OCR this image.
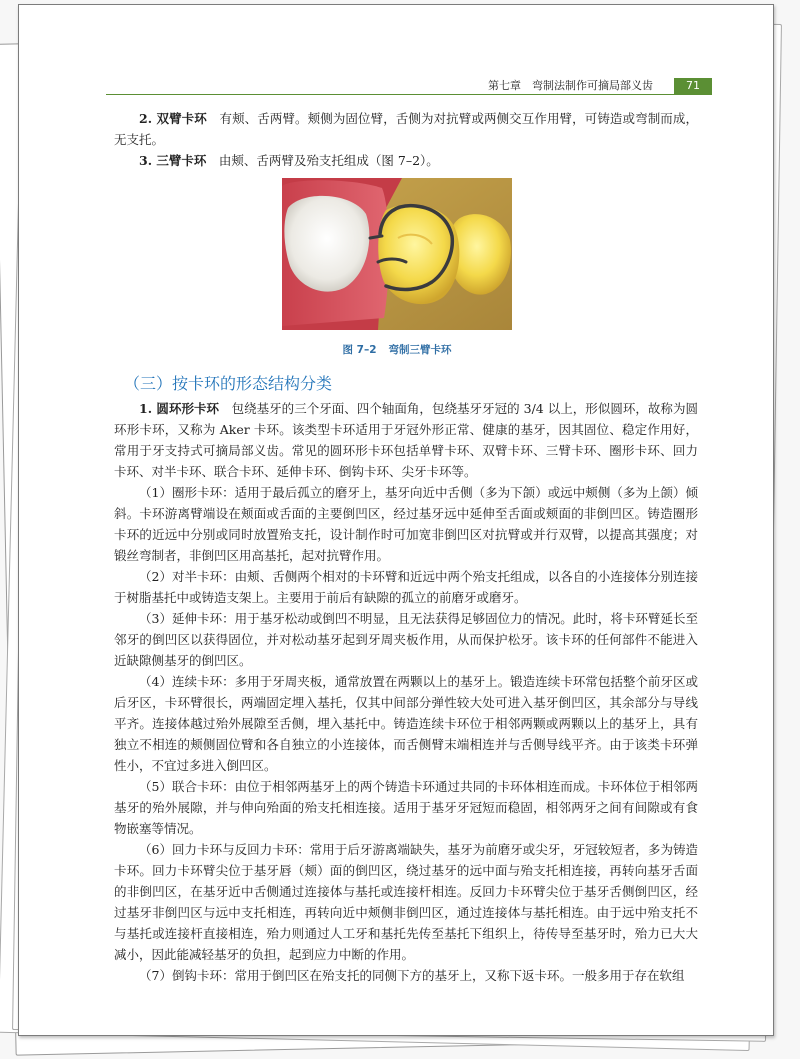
第七章　弯制法制作可摘局部义齿	71

2. 双臂卡环　 有颊、舌两臂。颊侧为固位臂，舌侧为对抗臂或两侧交互作用臂，可铸造或弯制而成，无支托。

3. 三臂卡环　 由颊、舌两臂及殆支托组成（图 7–2）。

图 7–2 弯制三臂卡环
（三）按卡环的形态结构分类

1. 圆环形卡环　 包绕基牙的三个牙面、四个轴面角，包绕基牙牙冠的 3/4 以上，形似圆环，故称为圆环形卡环，又称为 Aker 卡环。该类型卡环适用于牙冠外形正常、健康的基牙，因其固位、稳定作用好，常用于牙支持式可摘局部义齿。常见的圆环形卡环包括单臂卡环、双臂卡环、三臂卡环、圈形卡环、回力卡环、对半卡环、联合卡环、延伸卡环、倒钩卡环、尖牙卡环等。

（1）圈形卡环：适用于最后孤立的磨牙上，基牙向近中舌侧（多为下颌）或远中颊侧（多为上颌）倾斜。卡环游离臂端设在颊面或舌面的主要倒凹区，经过基牙远中延伸至舌面或颊面的非倒凹区。铸造圈形卡环的近远中分别或同时放置殆支托，设计制作时可加宽非倒凹区对抗臂或并行双臂，以提高其强度；对锻丝弯制者，非倒凹区用高基托，起对抗臂作用。

（2）对半卡环：由颊、舌侧两个相对的卡环臂和近远中两个殆支托组成，以各自的小连接体分别连接于树脂基托中或铸造支架上。主要用于前后有缺隙的孤立的前磨牙或磨牙。

（3）延伸卡环：用于基牙松动或倒凹不明显，且无法获得足够固位力的情况。此时，将卡环臂延长至邻牙的倒凹区以获得固位，并对松动基牙起到牙周夹板作用，从而保护松牙。该卡环的任何部件不能进入近缺隙侧基牙的倒凹区。

（4）连续卡环：多用于牙周夹板，通常放置在两颗以上的基牙上。锻造连续卡环常包括整个前牙区或后牙区，卡环臂很长，两端固定埋入基托，仅其中间部分弹性较大处可进入基牙倒凹区，其余部分与导线平齐。连接体越过殆外展隙至舌侧，埋入基托中。铸造连续卡环位于相邻两颗或两颗以上的基牙上，具有独立不相连的颊侧固位臂和各自独立的小连接体，而舌侧臂末端相连并与舌侧导线平齐。由于该类卡环弹性小，不宜过多进入倒凹区。

（5）联合卡环：由位于相邻两基牙上的两个铸造卡环通过共同的卡环体相连而成。卡环体位于相邻两基牙的殆外展隙，并与伸向殆面的殆支托相连接。适用于基牙牙冠短而稳固，相邻两牙之间有间隙或有食物嵌塞等情况。

（6）回力卡环与反回力卡环：常用于后牙游离端缺失，基牙为前磨牙或尖牙，牙冠较短者，多为铸造卡环。回力卡环臂尖位于基牙唇（颊）面的倒凹区，绕过基牙的远中面与殆支托相连接，再转向基牙舌面的非倒凹区，在基牙近中舌侧通过连接体与基托或连接杆相连。反回力卡环臂尖位于基牙舌侧倒凹区，经过基牙非倒凹区与远中支托相连，再转向近中颊侧非倒凹区，通过连接体与基托相连。由于远中殆支托不与基托或连接杆直接相连，殆力则通过人工牙和基托先传至基托下组织上，待传导至基牙时，殆力已大大减小，因此能减轻基牙的负担，起到应力中断的作用。

（7）倒钩卡环：常用于倒凹区在殆支托的同侧下方的基牙上，又称下返卡环。一般多用于存在软组
